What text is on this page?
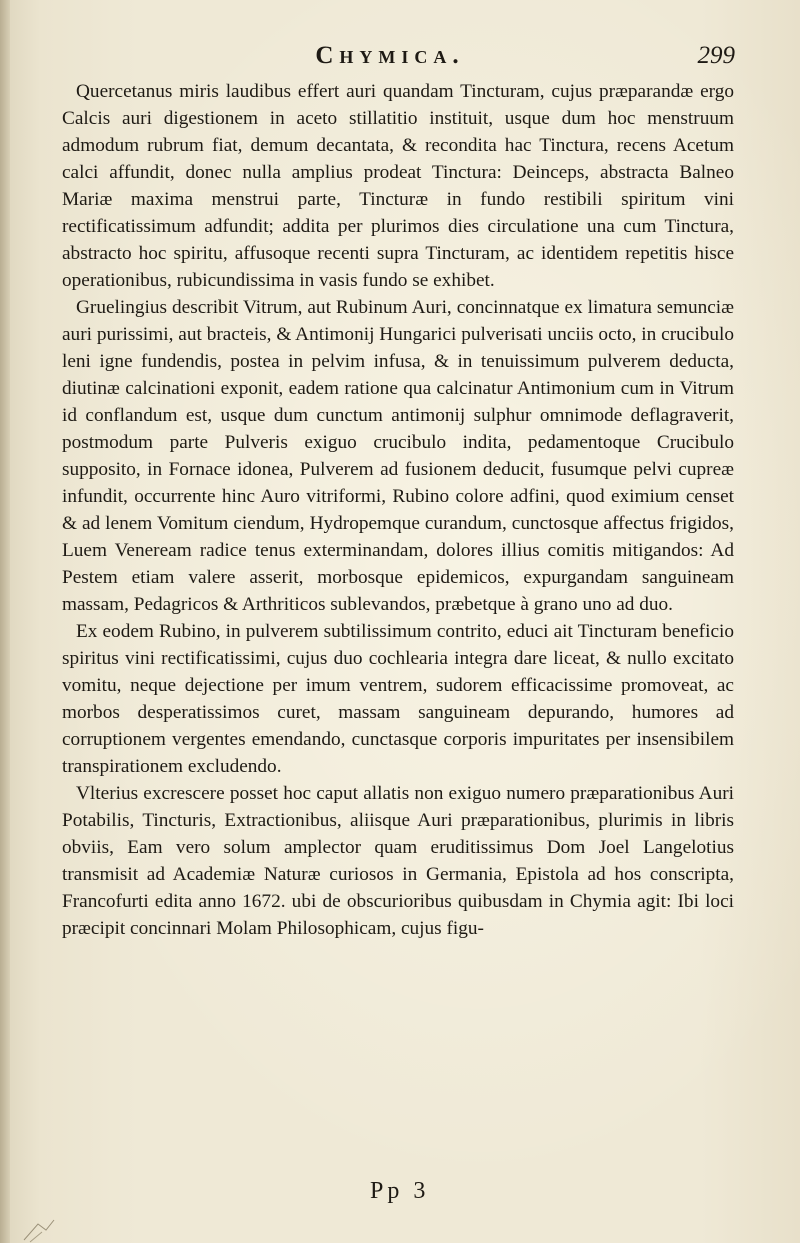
Chymica.	299

Quercetanus miris laudibus effert auri quandam Tincturam, cujus præparandæ ergo Calcis auri digestionem in aceto stillatitio instituit, usque dum hoc menstruum admodum rubrum fiat, demum decantata, & recondita hac Tinctura, recens Acetum calci affundit, donec nulla amplius prodeat Tinctura: Deinceps, abstracta Balneo Mariæ maxima menstrui parte, Tincturæ in fundo restibili spiritum vini rectificatissimum adfundit; addita per plurimos dies circulatione una cum Tinctura, abstracto hoc spiritu, affusoque recenti supra Tincturam, ac identidem repetitis hisce operationibus, rubicundissima in vasis fundo se exhibet.

Gruelingius describit Vitrum, aut Rubinum Auri, concinnatque ex limatura semunciæ auri purissimi, aut bracteis, & Antimonij Hungarici pulverisati unciis octo, in crucibulo leni igne fundendis, postea in pelvim infusa, & in tenuissimum pulverem deducta, diutinæ calcinationi exponit, eadem ratione qua calcinatur Antimonium cum in Vitrum id conflandum est, usque dum cunctum antimonij sulphur omnimode deflagraverit, postmodum parte Pulveris exiguo crucibulo indita, pedamentoque Crucibulo supposito, in Fornace idonea, Pulverem ad fusionem deducit, fusumque pelvi cupreæ infundit, occurrente hinc Auro vitriformi, Rubino colore adfini, quod eximium censet & ad lenem Vomitum ciendum, Hydropemque curandum, cunctosque affectus frigidos, Luem Veneream radice tenus exterminandam, dolores illius comitis mitigandos: Ad Pestem etiam valere asserit, morbosque epidemicos, expurgandam sanguineam massam, Pedagricos & Arthriticos sublevandos, præbetque à grano uno ad duo.

Ex eodem Rubino, in pulverem subtilissimum contrito, educi ait Tincturam beneficio spiritus vini rectificatissimi, cujus duo cochlearia integra dare liceat, & nullo excitato vomitu, neque dejectione per imum ventrem, sudorem efficacissime promoveat, ac morbos desperatissimos curet, massam sanguineam depurando, humores ad corruptionem vergentes emendando, cunctasque corporis impuritates per insensibilem transpirationem excludendo.

Vlterius excrescere posset hoc caput allatis non exiguo numero præparationibus Auri Potabilis, Tincturis, Extractionibus, aliisque Auri præparationibus, plurimis in libris obviis, Eam vero solum amplector quam eruditissimus Dom Joel Langelotius transmisit ad Academiæ Naturæ curiosos in Germania, Epistola ad hos conscripta, Francofurti edita anno 1672. ubi de obscurioribus quibusdam in Chymia agit: Ibi loci præcipit concinnari Molam Philosophicam, cujus figu-

Pp 3
